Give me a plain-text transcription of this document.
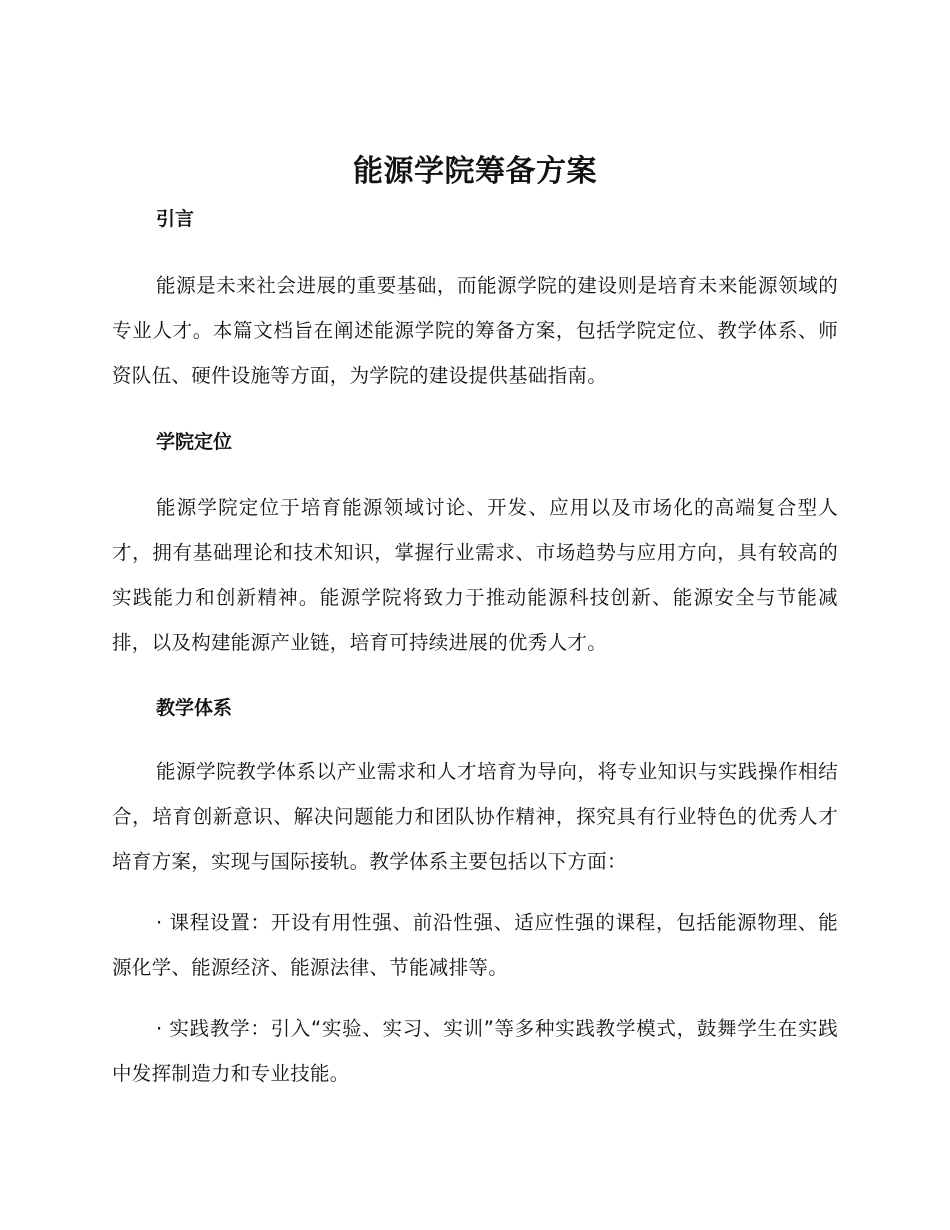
能源学院筹备方案
引言

能源是未来社会进展的重要基础，而能源学院的建设则是培育未来能源领域的专业人才。本篇文档旨在阐述能源学院的筹备方案，包括学院定位、教学体系、师资队伍、硬件设施等方面，为学院的建设提供基础指南。

学院定位

能源学院定位于培育能源领域讨论、开发、应用以及市场化的高端复合型人才，拥有基础理论和技术知识，掌握行业需求、市场趋势与应用方向，具有较高的实践能力和创新精神。能源学院将致力于推动能源科技创新、能源安全与节能减排，以及构建能源产业链，培育可持续进展的优秀人才。

教学体系

能源学院教学体系以产业需求和人才培育为导向，将专业知识与实践操作相结合，培育创新意识、解决问题能力和团队协作精神，探究具有行业特色的优秀人才培育方案，实现与国际接轨。教学体系主要包括以下方面：

· 课程设置：开设有用性强、前沿性强、适应性强的课程，包括能源物理、能源化学、能源经济、能源法律、节能减排等。

· 实践教学：引入“实验、实习、实训”等多种实践教学模式，鼓舞学生在实践中发挥制造力和专业技能。
